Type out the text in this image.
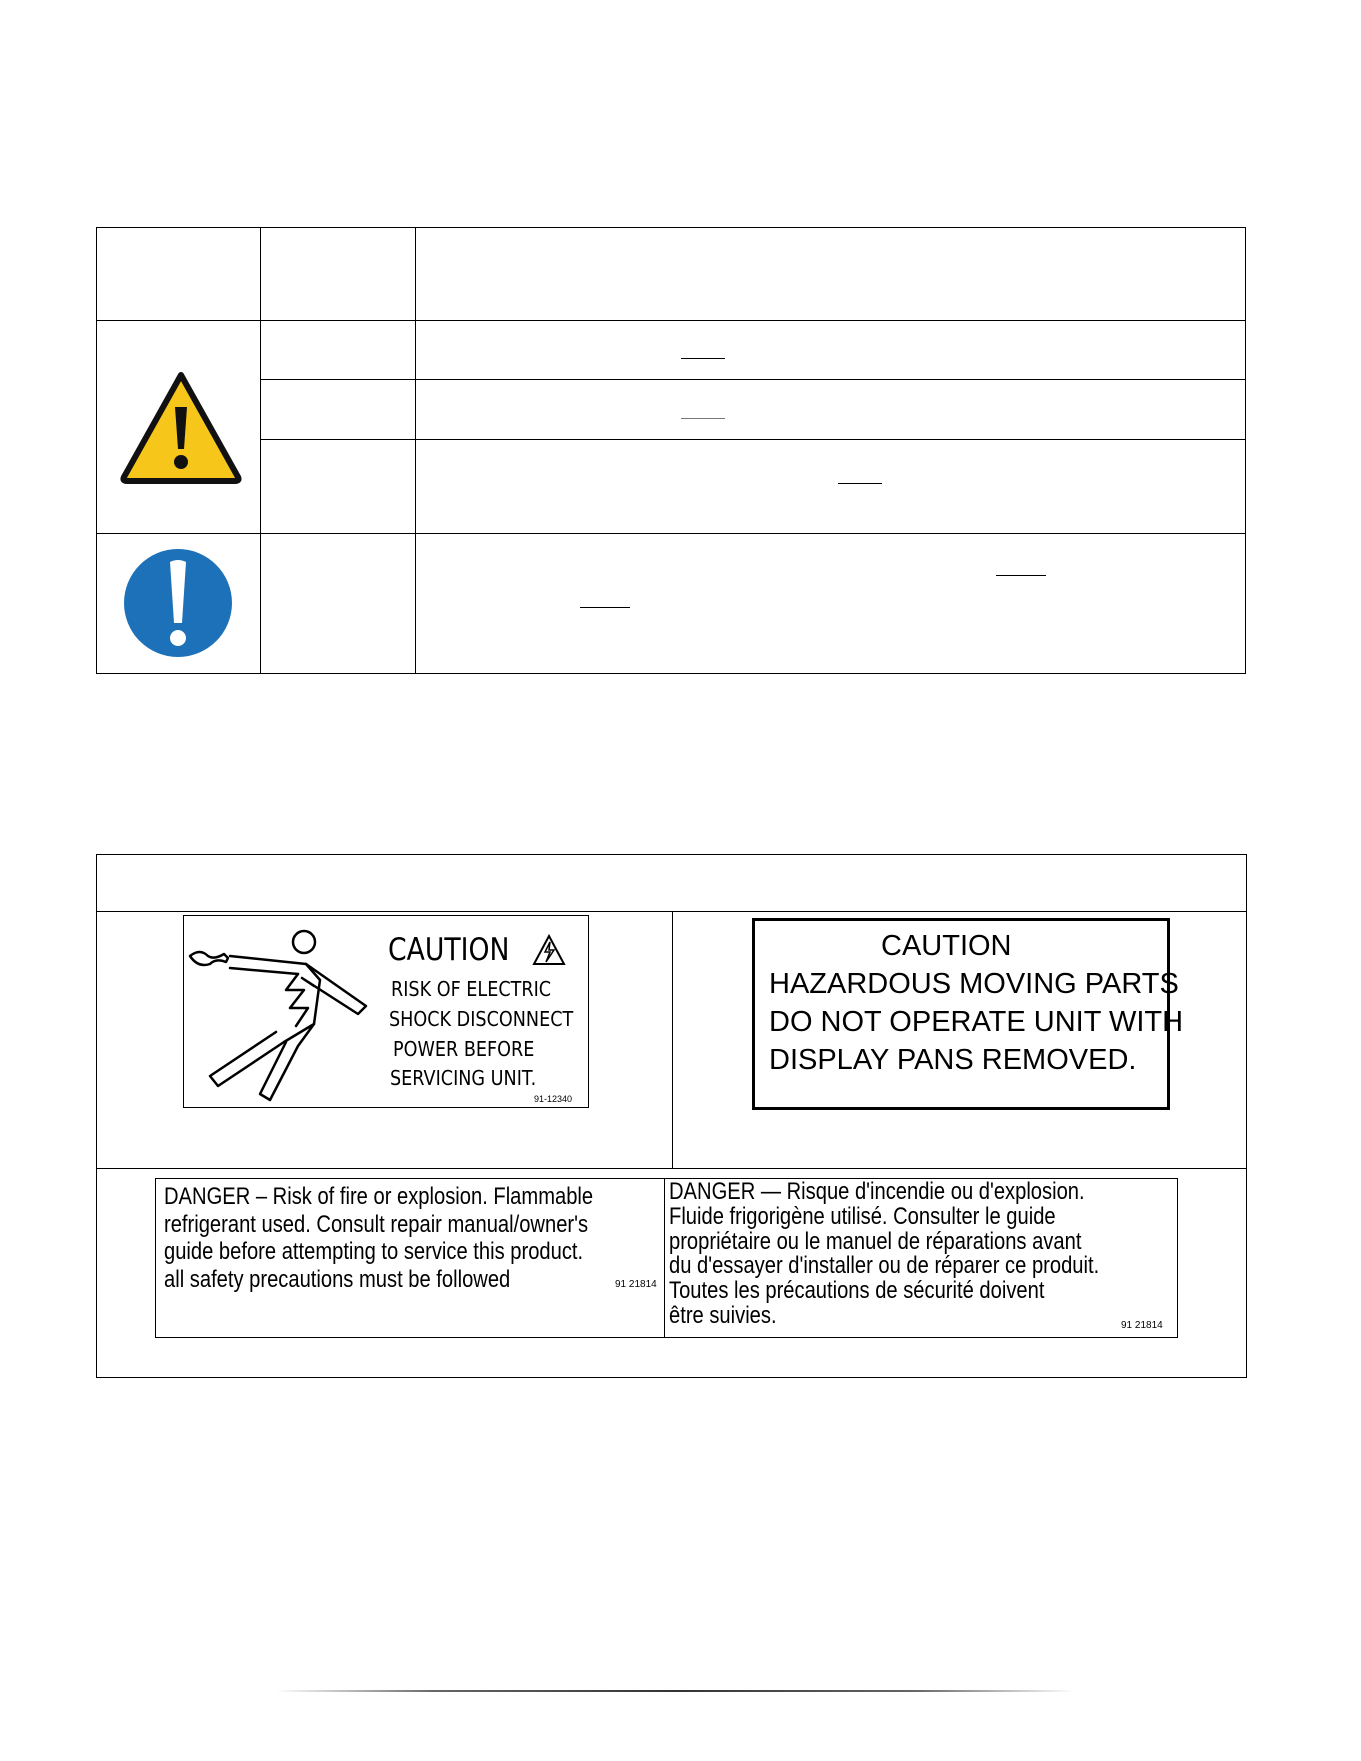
CAUTION
RISK OF ELECTRIC
SHOCK DISCONNECT
POWER BEFORE
SERVICING UNIT.
91-12340
CAUTION
HAZARDOUS MOVING PARTS
DO NOT OPERATE UNIT WITH
DISPLAY PANS REMOVED.
DANGER – Risk of fire or explosion. Flammable
refrigerant used. Consult repair manual/owner's
guide before attempting to service this product.
all safety precautions must be followed	91 21814
DANGER — Risque d'incendie ou d'explosion.
Fluide frigorigène utilisé. Consulter le guide
propriétaire ou le manuel de réparations avant
du d'essayer d'installer ou de réparer ce produit.
Toutes les précautions de sécurité doivent
être suivies.	91 21814
